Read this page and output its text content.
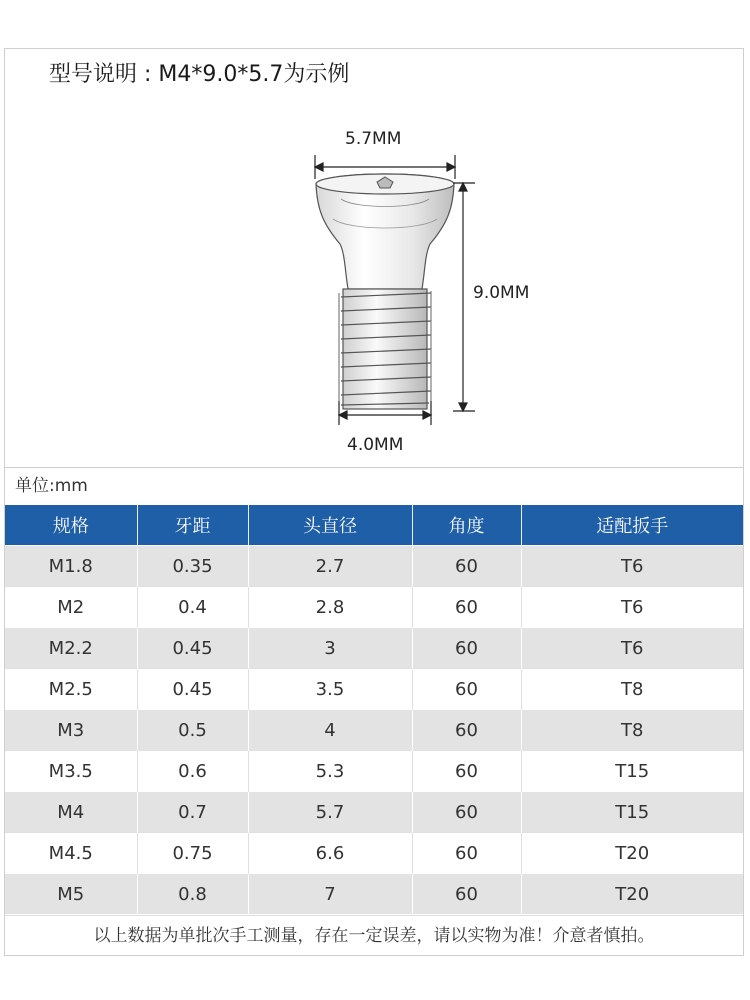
型号说明 : M4*9.0*5.7为示例
5.7MM
9.0MM
4.0MM
单位:mm
规格	牙距	头直径	角度	适配扳手
M1.8	0.35	2.7	60	T6
M2	0.4	2.8	60	T6
M2.2	0.45	3	60	T6
M2.5	0.45	3.5	60	T8
M3	0.5	4	60	T8
M3.5	0.6	5.3	60	T15
M4	0.7	5.7	60	T15
M4.5	0.75	6.6	60	T20
M5	0.8	7	60	T20
以上数据为单批次手工测量，存在一定误差，请以实物为准！介意者慎拍。
